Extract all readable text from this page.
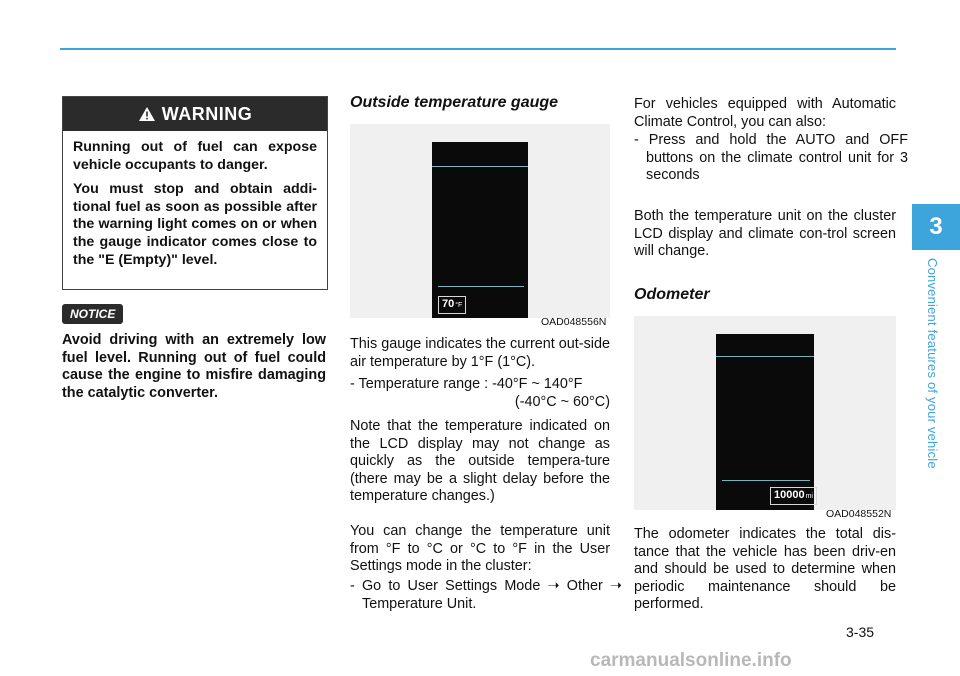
WARNING

Running out of fuel can expose vehicle occupants to danger.

You must stop and obtain addi-tional fuel as soon as possible after the warning light comes on or when the gauge indicator comes close to the "E (Empty)" level.

NOTICE

Avoid driving with an extremely low fuel level. Running out of fuel could cause the engine to misfire damaging the catalytic converter.

Outside temperature gauge
70°F
OAD048556N

This gauge indicates the current out-side air temperature by 1°F (1°C).

- Temperature range : -40°F ~ 140°F

(-40°C ~ 60°C)

Note that the temperature indicated on the LCD display may not change as quickly as the outside tempera-ture (there may be a slight delay before the temperature changes.)

You can change the temperature unit from °F to °C or °C to °F in the User Settings mode in the cluster:

- Go to User Settings Mode ➝ Other ➝ Temperature Unit.

For vehicles equipped with Automatic Climate Control, you can also:

- Press and hold the AUTO and OFF buttons on the climate control unit for 3 seconds

Both the temperature unit on the cluster LCD display and climate con-trol screen will change.

Odometer
10000mi
OAD048552N

The odometer indicates the total dis-tance that the vehicle has been driv-en and should be used to determine when periodic maintenance should be performed.

3
Convenient features of your vehicle
3-35
carmanualsonline.info
